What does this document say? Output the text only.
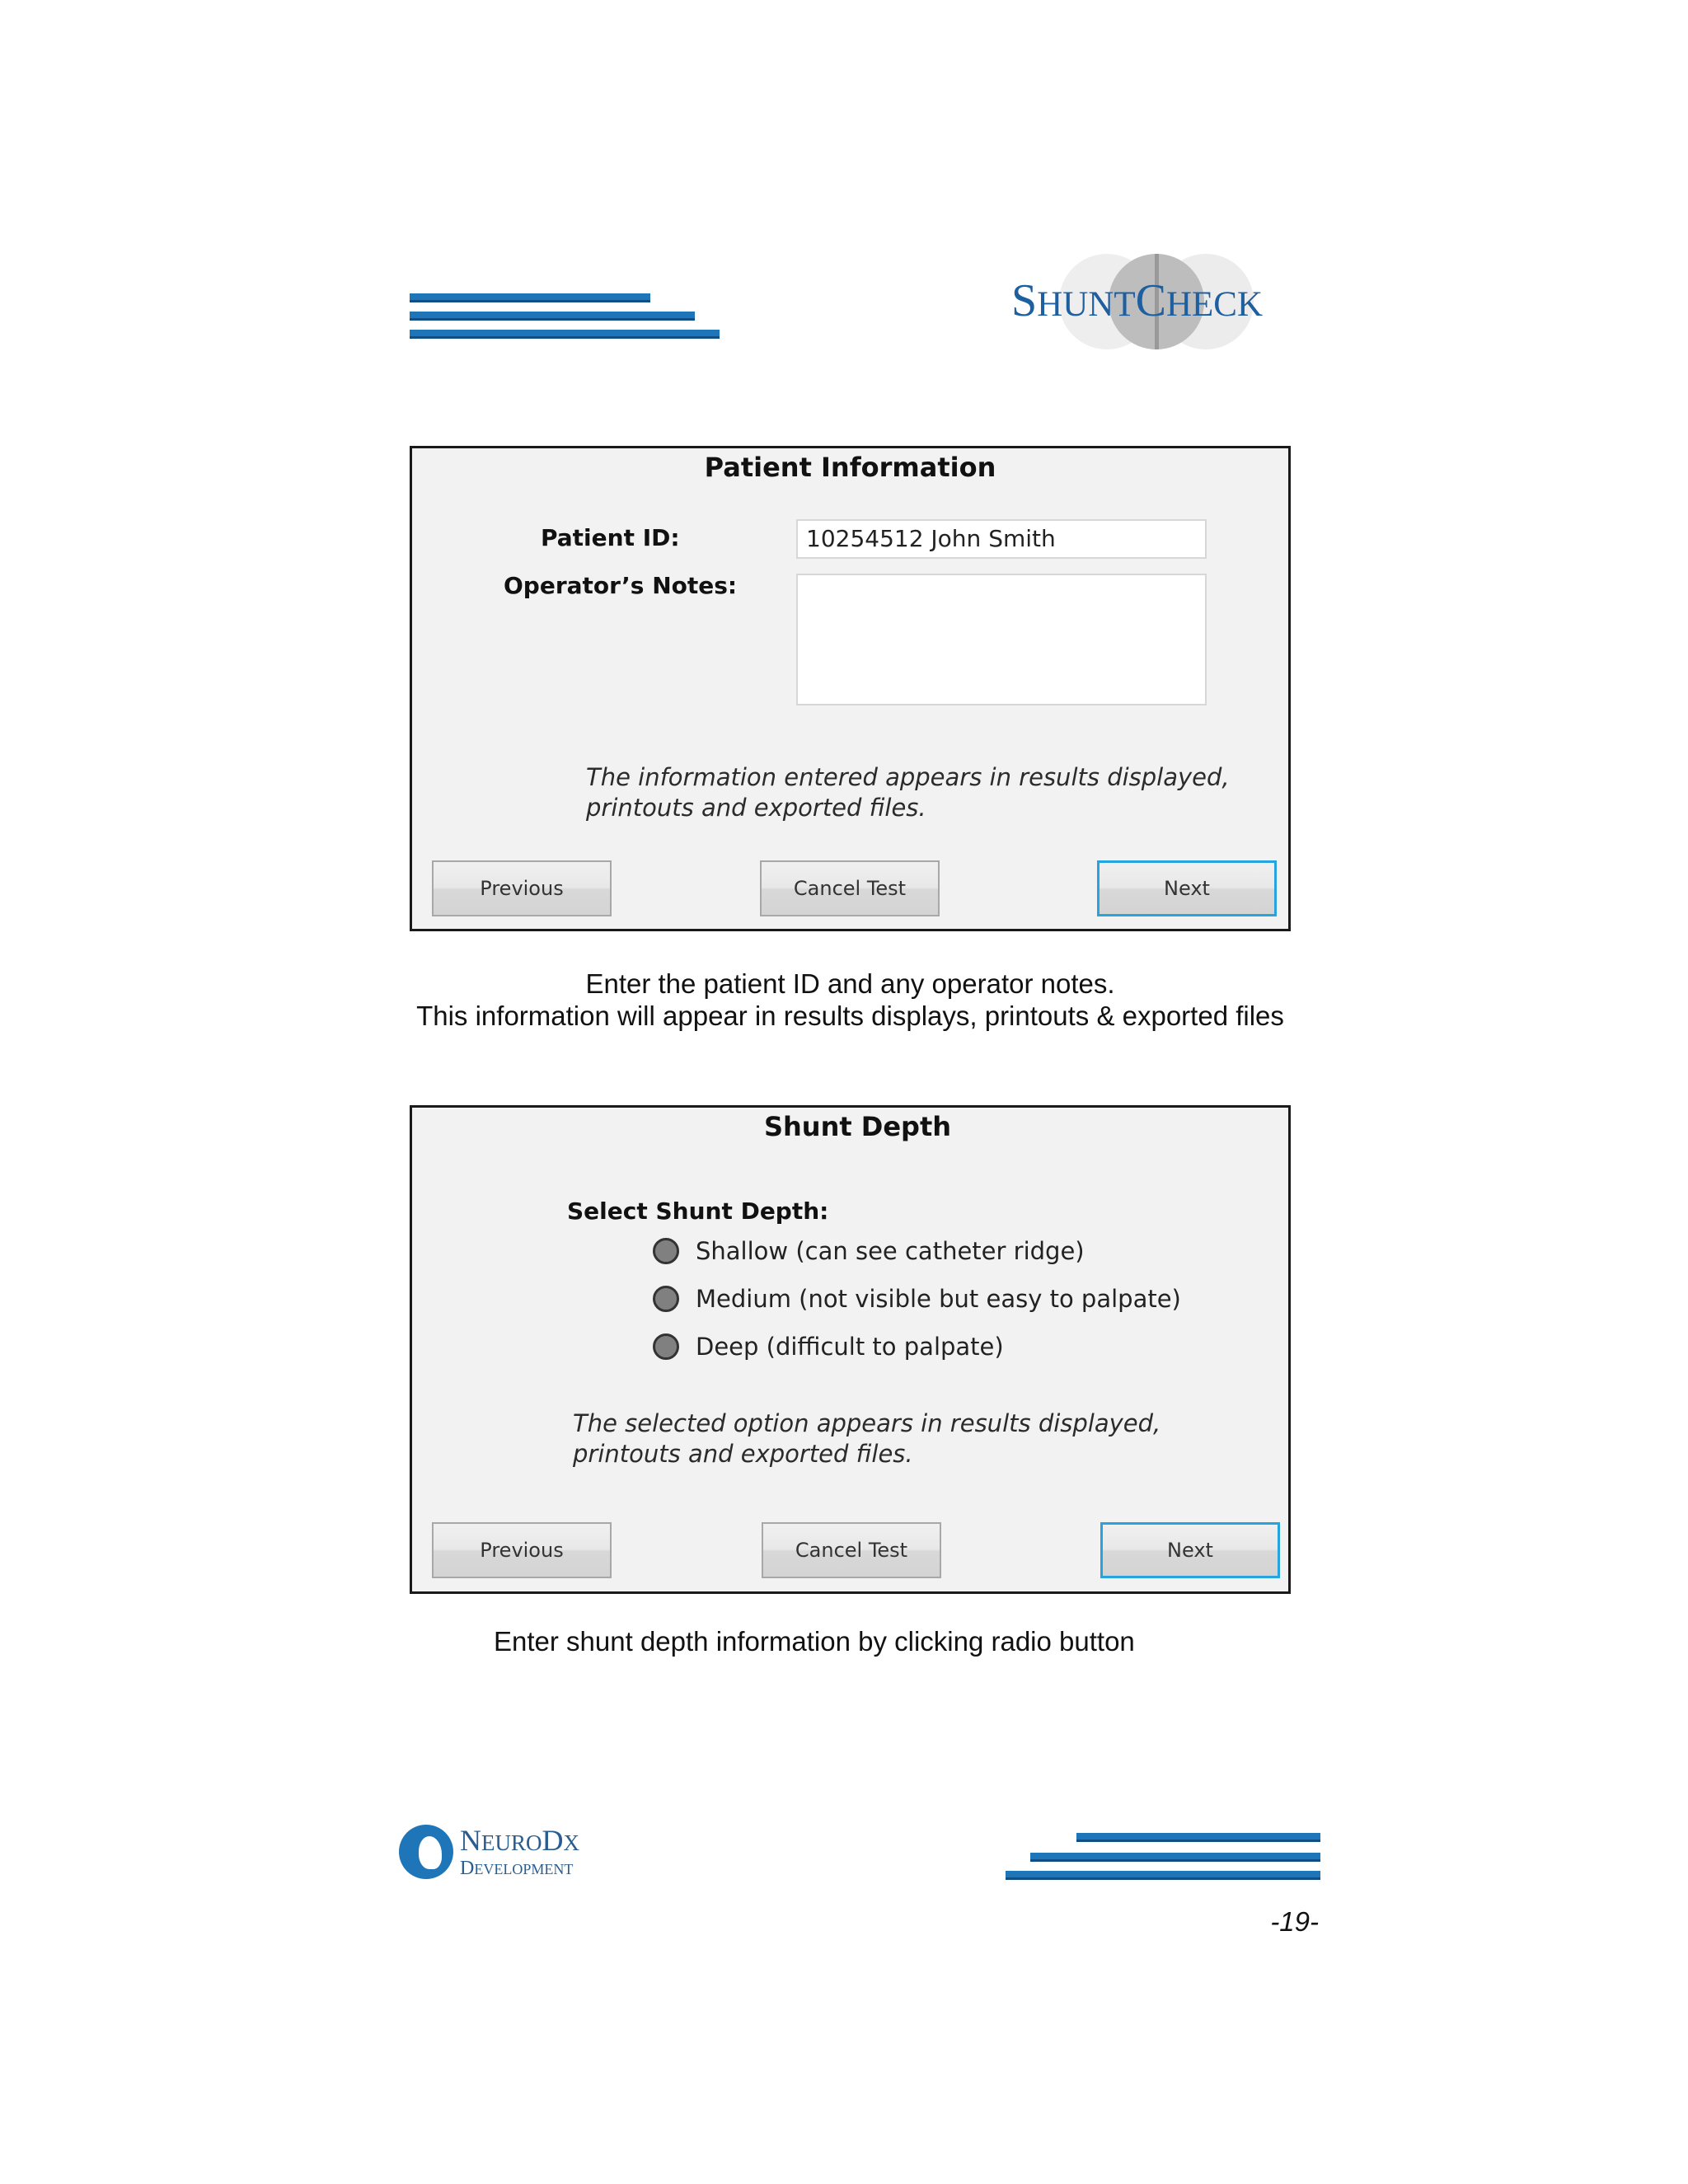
SHUNTCHECK
Patient Information
Patient ID:	10254512 John Smith
Operator’s Notes:
The information entered appears in results displayed,
printouts and exported files.
Previous	Cancel Test	Next
Enter the patient ID and any operator notes.
This information will appear in results displays, printouts & exported files
Shunt Depth
Select Shunt Depth:
Shallow (can see catheter ridge)
Medium (not visible but easy to palpate)
Deep (difficult to palpate)
The selected option appears in results displayed,
printouts and exported files.
Previous	Cancel Test	Next
Enter shunt depth information by clicking radio button
NEURODX
DEVELOPMENT
-19-
